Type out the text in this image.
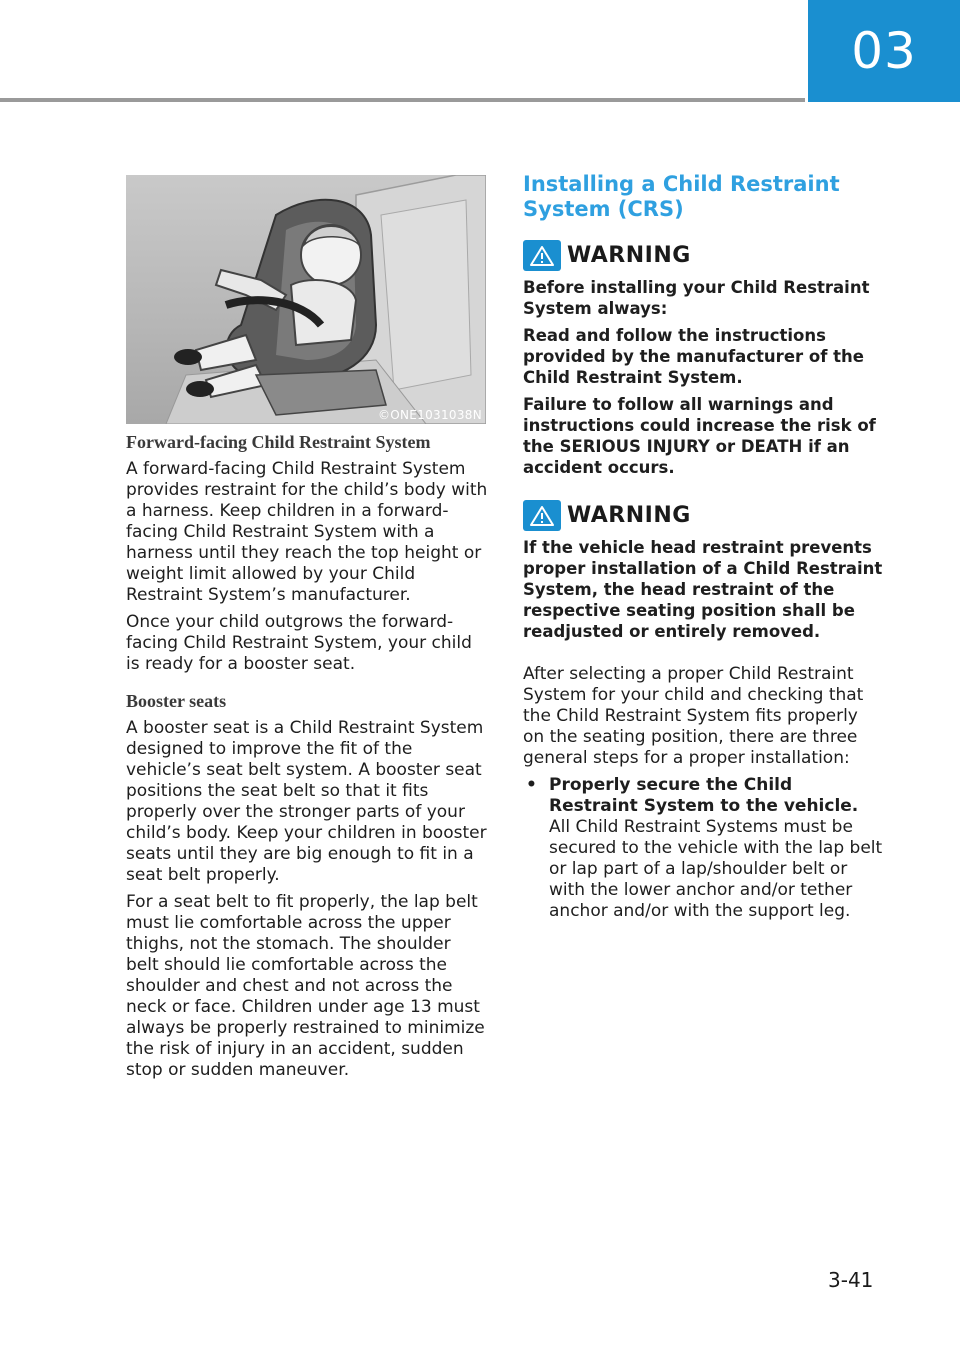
03
©ONE1031038N
Forward-facing Child Restraint System

A forward-facing Child Restraint System provides restraint for the child’s body with a harness. Keep children in a forward-facing Child Restraint System with a harness until they reach the top height or weight limit allowed by your Child Restraint System’s manufacturer.

Once your child outgrows the forward-facing Child Restraint System, your child is ready for a booster seat.

Booster seats

A booster seat is a Child Restraint System designed to improve the fit of the vehicle’s seat belt system. A booster seat positions the seat belt so that it fits properly over the stronger parts of your child’s body. Keep your children in booster seats until they are big enough to fit in a seat belt properly.

For a seat belt to fit properly, the lap belt must lie comfortable across the upper thighs, not the stomach. The shoulder belt should lie comfortable across the shoulder and chest and not across the neck or face. Children under age 13 must always be properly restrained to minimize the risk of injury in an accident, sudden stop or sudden maneuver.

Installing a Child Restraint System (CRS)
WARNING

Before installing your Child Restraint System always:

Read and follow the instructions provided by the manufacturer of the Child Restraint System.

Failure to follow all warnings and instructions could increase the risk of the SERIOUS INJURY or DEATH if an accident occurs.

WARNING

If the vehicle head restraint prevents proper installation of a Child Restraint System, the head restraint of the respective seating position shall be readjusted or entirely removed.

After selecting a proper Child Restraint System for your child and checking that the Child Restraint System fits properly on the seating position, there are three general steps for a proper installation:

• Properly secure the Child Restraint System to the vehicle. All Child Restraint Systems must be secured to the vehicle with the lap belt or lap part of a lap/shoulder belt or with the lower anchor and/or tether anchor and/or with the support leg.
3-41
